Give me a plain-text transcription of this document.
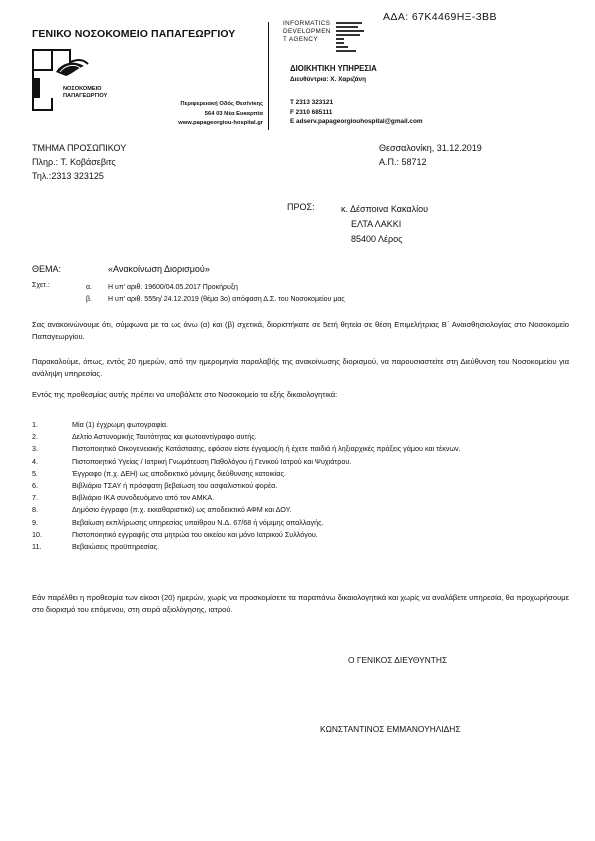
ΑΔΑ: 67Κ4469ΗΞ-3ΒΒ
ΓΕΝΙΚΟ ΝΟΣΟΚΟΜΕΙΟ ΠΑΠΑΓΕΩΡΓΙΟΥ
ΝΟΣΟΚΟΜΕΙΟ
ΠΑΠΑΓΕΩΡΓΙΟΥ
Περιφερειακή Οδός Θεσ/νίκης
564 03 Νέα Ευκαρπία
www.papageorgiou-hospital.gr
INFORMATICS
DEVELOPMEN
T AGENCY
ΔΙΟΙΚΗΤΙΚΗ ΥΠΗΡΕΣΙΑ
Διευθύντρια: Χ. Χαριζάνη
T 2313 323121
F 2310 685111
E adserv.papageorgiouhospital@gmail.com
ΤΜΗΜΑ ΠΡΟΣΩΠΙΚΟΥ
Πληρ.: Τ. Κοβάσεβιτς
Τηλ.:2313 323125
Θεσσαλονίκη, 31.12.2019
Α.Π.: 58712
ΠΡΟΣ:	κ. Δέσποινα Κακαλίου
ΕΛΤΑ ΛΑΚΚΙ
85400 Λέρος
ΘΕΜΑ:	«Ανακοίνωση Διορισμού»
Σχετ.:	α.	Η υπ' αριθ. 19600/04.05.2017 Προκήρυξη
β.	Η υπ' αριθ. 555η/ 24.12.2019 (θέμα 3ο) απόφαση Δ.Σ. του Νοσοκομείου μας
Σας ανακοινώνουμε ότι, σύμφωνα με τα ως άνω (α) και (β) σχετικά, διοριστήκατε σε 5ετή θητεία σε θέση Επιμελήτριας Β΄ Αναισθησιολογίας στο Νοσοκομείο Παπαγεωργίου.
Παρακαλούμε, όπως, εντός 20 ημερών, από την ημερομηνία παραλαβής της ανακοίνωσης διορισμού, να παρουσιαστείτε στη Διεύθυνση του Νοσοκομείου για ανάληψη υπηρεσίας.
Εντός της προθεσμίας αυτής πρέπει να υποβάλετε στο Νοσοκομείο τα εξής δικαιολογητικά:
1.	Μία (1) έγχρωμη φωτογραφία.
2.	Δελτίο Αστυνομικής Ταυτότητας και φωτοαντίγραφο αυτής.
3.	Πιστοποιητικό Οικογενειακής Κατάστασης, εφόσον είστε έγγαμος/η ή έχετε παιδιά ή ληξιαρχικές πράξεις γάμου και τέκνων.
4.	Πιστοποιητικό Υγείας / Ιατρική Γνωμάτευση Παθολόγου ή Γενικού Ιατρού και Ψυχιάτρου.
5.	Έγγραφο (π.χ. ΔΕΗ) ως αποδεικτικό μόνιμης διεύθυνσης κατοικίας.
6.	Βιβλιάριο ΤΣΑΥ ή πρόσφατη βεβαίωση του ασφαλιστικού φορέα.
7.	Βιβλιάριο ΙΚΑ συνοδευόμενο από τον ΑΜΚΑ.
8.	Δημόσιο έγγραφο (π.χ. εκκαθαριστικό) ως αποδεικτικό ΑΦΜ και ΔΟΥ.
9.	Βεβαίωση εκπλήρωσης υπηρεσίας υπαίθρου Ν.Δ. 67/68 ή νόμιμης απαλλαγής.
10.	Πιστοποιητικό εγγραφής στα μητρώα του οικείου και μόνο Ιατρικού Συλλόγου.
11.	Βεβαιώσεις προϋπηρεσίας.
Εάν παρέλθει η προθεσμία των είκοσι (20) ημερών, χωρίς να προσκομίσετε τα παραπάνω δικαιολογητικά και χωρίς να αναλάβετε υπηρεσία, θα προχωρήσουμε στο διορισμό του επόμενου, στη σειρά αξιολόγησης, ιατρού.
Ο ΓΕΝΙΚΟΣ ΔΙΕΥΘΥΝΤΗΣ
ΚΩΝΣΤΑΝΤΙΝΟΣ ΕΜΜΑΝΟΥΗΛΙΔΗΣ
